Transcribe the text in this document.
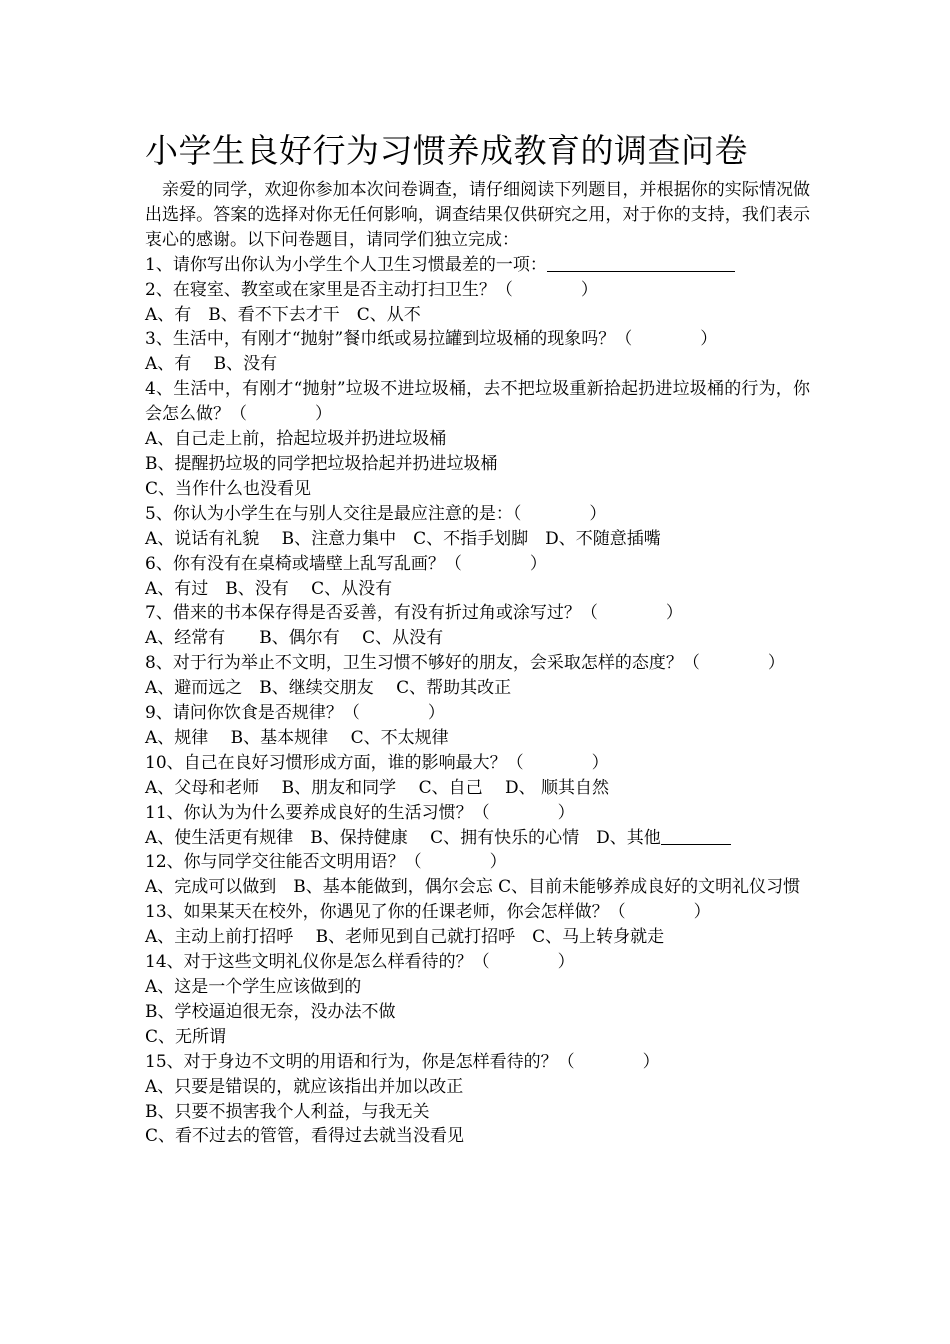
小学生良好行为习惯养成教育的调查问卷
亲爱的同学，欢迎你参加本次问卷调查，请仔细阅读下列题目，并根据你的实际情况做出选择。答案的选择对你无任何影响，调查结果仅供研究之用，对于你的支持，我们表示衷心的感谢。以下问卷题目，请同学们独立完成：
1、请你写出你认为小学生个人卫生习惯最差的一项：
2、在寝室、教室或在家里是否主动打扫卫生？（　　　　）
A、有　B、看不下去才干　C、从不
3、生活中，有刚才“抛射”餐巾纸或易拉罐到垃圾桶的现象吗？（　　　　）
A、有　 B、没有
4、生活中，有刚才“抛射”垃圾不进垃圾桶，去不把垃圾重新拾起扔进垃圾桶的行为，你会怎么做？（　　　　）
A、自己走上前，拾起垃圾并扔进垃圾桶
B、提醒扔垃圾的同学把垃圾拾起并扔进垃圾桶
C、当作什么也没看见
5、你认为小学生在与别人交往是最应注意的是：（　　　　）
A、说话有礼貌　 B、注意力集中　C、不指手划脚　D、不随意插嘴
6、你有没有在桌椅或墙壁上乱写乱画？（　　　　）
A、有过　B、没有　 C、从没有
7、借来的书本保存得是否妥善，有没有折过角或涂写过？（　　　　）
A、经常有　　B、偶尔有　 C、从没有
8、对于行为举止不文明，卫生习惯不够好的朋友，会采取怎样的态度？（　　　　）
A、避而远之　B、继续交朋友　 C、帮助其改正
9、请问你饮食是否规律？（　　　　）
A、规律　 B、基本规律　 C、不太规律
10、自己在良好习惯形成方面，谁的影响最大？（　　　　）
A、父母和老师　 B、朋友和同学　 C、自己　 D、 顺其自然
11、你认为为什么要养成良好的生活习惯？（　　　　）
A、使生活更有规律　B、保持健康　 C、拥有快乐的心情　D、其他
12、你与同学交往能否文明用语？（　　　　）
A、完成可以做到　B、基本能做到，偶尔会忘 C、目前未能够养成良好的文明礼仪习惯
13、如果某天在校外，你遇见了你的任课老师，你会怎样做？（　　　　）
A、主动上前打招呼　 B、老师见到自己就打招呼　C、马上转身就走
14、对于这些文明礼仪你是怎么样看待的？（　　　　）
A、这是一个学生应该做到的
B、学校逼迫很无奈，没办法不做
C、无所谓
15、对于身边不文明的用语和行为，你是怎样看待的？（　　　　）
A、只要是错误的，就应该指出并加以改正
B、只要不损害我个人利益，与我无关
C、看不过去的管管，看得过去就当没看见
